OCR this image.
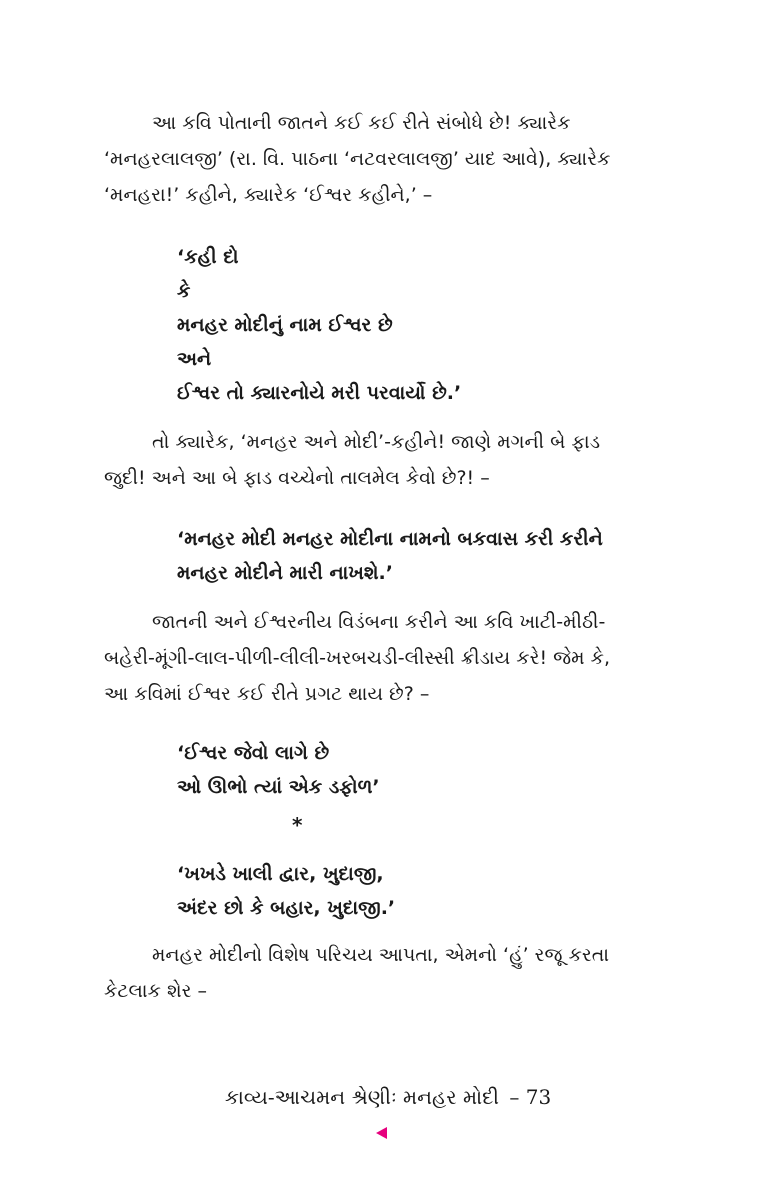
આ કવિ પોતાની જાતને કઈ કઈ રીતે સંબોધે છે! ક્યારેક
‘મનહરલાલજી’ (રા. વિ. પાઠના ‘નટવરલાલજી’ યાદ આવે), ક્યારેક
‘મનહરા!’ કહીને, ક્યારેક ‘ઈશ્વર કહીને,’ –
‘કહી દો
કે
મનહર મોદીનું નામ ઈશ્વર છે
અને
ઈશ્વર તો ક્યારનોયે મરી પરવાર્યો છે.’
તો ક્યારેક, ‘મનહર અને મોદી’-કહીને! જાણે મગની બે ફાડ
જુદી! અને આ બે ફાડ વચ્ચેનો તાલમેલ કેવો છે?! –
‘મનહર મોદી મનહર મોદીના નામનો બકવાસ કરી કરીને
મનહર મોદીને મારી નાખશે.’
જાતની અને ઈશ્વરનીય વિડંબના કરીને આ કવિ ખાટી-મીઠી-
બહેરી-મૂંગી-લાલ-પીળી-લીલી-ખરબચડી-લીસ્સી ક્રીડાય કરે! જેમ કે,
આ કવિમાં ઈશ્વર કઈ રીતે પ્રગટ થાય છે? –
‘ઈશ્વર જેવો લાગે છે
ઓ ઊભો ત્યાં એક ડફોળ’
*
‘ખખડે ખાલી દ્વાર, ખુદાજી,
અંદર છો કે બહાર, ખુદાજી.’
મનહર મોદીનો વિશેષ પરિચય આપતા, એમનો ‘હું’ રજૂ કરતા
કેટલાક શેર –
કાવ્ય-આચમન શ્રેણીઃ મનહર મોદી – 73
